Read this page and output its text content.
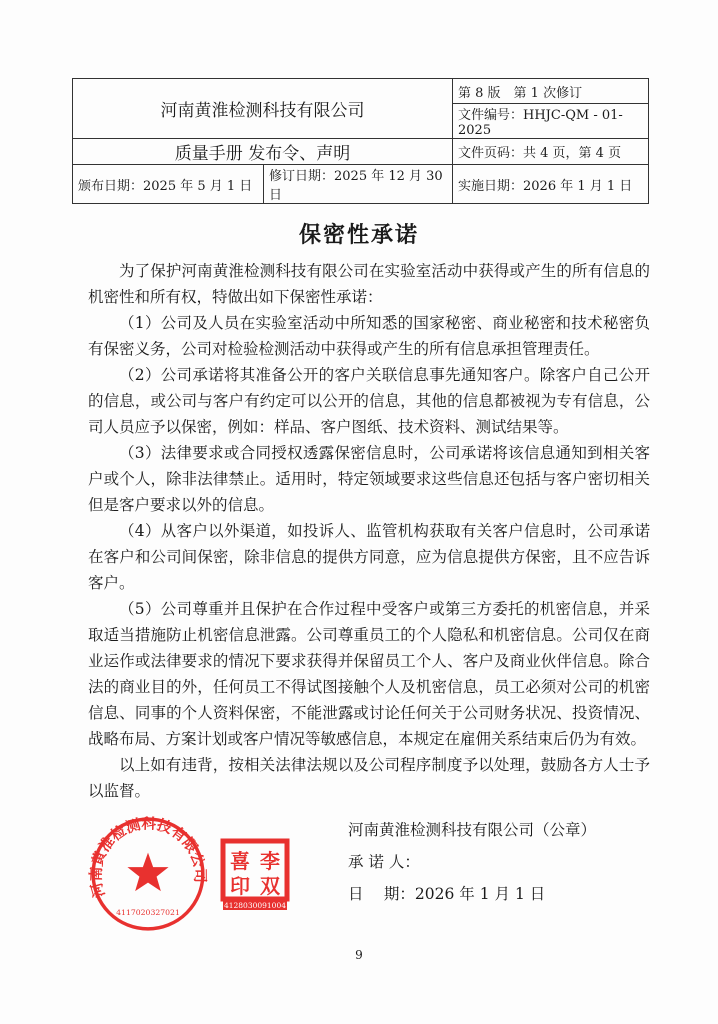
河南黄淮检测科技有限公司		第 8 版　第 1 次修订
		文件编号：HHJC-QM - 01-2025
质量手册 发布令、声明		文件页码：共 4 页，第 4 页
颁布日期：2025 年 5 月 1 日	修订日期：2025 年 12 月 30 日	实施日期：2026 年 1 月 1 日
保密性承诺

为了保护河南黄淮检测科技有限公司在实验室活动中获得或产生的所有信息的机密性和所有权，特做出如下保密性承诺：

（1）公司及人员在实验室活动中所知悉的国家秘密、商业秘密和技术秘密负有保密义务，公司对检验检测活动中获得或产生的所有信息承担管理责任。

（2）公司承诺将其准备公开的客户关联信息事先通知客户。除客户自己公开的信息，或公司与客户有约定可以公开的信息，其他的信息都被视为专有信息，公司人员应予以保密，例如：样品、客户图纸、技术资料、测试结果等。

（3）法律要求或合同授权透露保密信息时，公司承诺将该信息通知到相关客户或个人，除非法律禁止。适用时，特定领域要求这些信息还包括与客户密切相关但是客户要求以外的信息。

（4）从客户以外渠道，如投诉人、监管机构获取有关客户信息时，公司承诺在客户和公司间保密，除非信息的提供方同意，应为信息提供方保密，且不应告诉客户。

（5）公司尊重并且保护在合作过程中受客户或第三方委托的机密信息，并采取适当措施防止机密信息泄露。公司尊重员工的个人隐私和机密信息。公司仅在商业运作或法律要求的情况下要求获得并保留员工个人、客户及商业伙伴信息。除合法的商业目的外，任何员工不得试图接触个人及机密信息，员工必须对公司的机密信息、同事的个人资料保密，不能泄露或讨论任何关于公司财务状况、投资情况、战略布局、方案计划或客户情况等敏感信息，本规定在雇佣关系结束后仍为有效。

以上如有违背，按相关法律法规以及公司程序制度予以处理，鼓励各方人士予以监督。

河南黄淮检测科技有限公司
4117020327021
喜 李
印 双
4128030091004
河南黄淮检测科技有限公司（公章）
承 诺 人：
日　 期：2026 年 1 月 1 日
9
